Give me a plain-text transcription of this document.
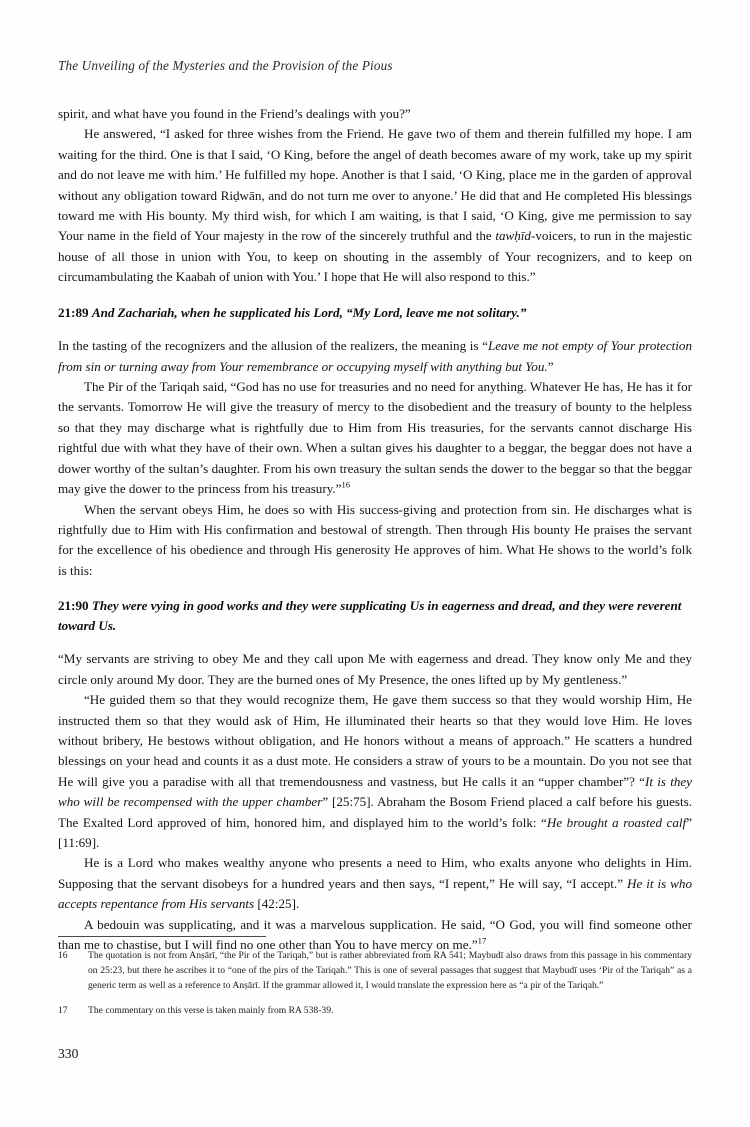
The Unveiling of the Mysteries and the Provision of the Pious

spirit, and what have you found in the Friend’s dealings with you?”

He answered, “I asked for three wishes from the Friend. He gave two of them and therein fulfilled my hope. I am waiting for the third. One is that I said, ‘O King, before the angel of death becomes aware of my work, take up my spirit and do not leave me with him.’ He fulfilled my hope. Another is that I said, ‘O King, place me in the garden of approval without any obligation toward Riḍwān, and do not turn me over to anyone.’ He did that and He completed His blessings toward me with His bounty. My third wish, for which I am waiting, is that I said, ‘O King, give me permission to say Your name in the field of Your majesty in the row of the sincerely truthful and the tawḥīd-voicers, to run in the majestic house of all those in union with You, to keep on shouting in the assembly of Your recognizers, and to keep on circumambulating the Kaabah of union with You.’ I hope that He will also respond to this.”

21:89 And Zachariah, when he supplicated his Lord, “My Lord, leave me not solitary.”

In the tasting of the recognizers and the allusion of the realizers, the meaning is “Leave me not empty of Your protection from sin or turning away from Your remembrance or occupying myself with anything but You.”

The Pir of the Tariqah said, “God has no use for treasuries and no need for anything. Whatever He has, He has it for the servants. Tomorrow He will give the treasury of mercy to the disobedient and the treasury of bounty to the helpless so that they may discharge what is rightfully due to Him from His treasuries, for the servants cannot discharge His rightful due with what they have of their own. When a sultan gives his daughter to a beggar, the beggar does not have a dower worthy of the sultan’s daughter. From his own treasury the sultan sends the dower to the beggar so that the beggar may give the dower to the princess from his treasury.”$^{16}$

When the servant obeys Him, he does so with His success-giving and protection from sin. He discharges what is rightfully due to Him with His confirmation and bestowal of strength. Then through His bounty He praises the servant for the excellence of his obedience and through His generosity He approves of him. What He shows to the world’s folk is this:

21:90 They were vying in good works and they were supplicating Us in eagerness and dread, and they were reverent toward Us.

“My servants are striving to obey Me and they call upon Me with eagerness and dread. They know only Me and they circle only around My door. They are the burned ones of My Presence, the ones lifted up by My gentleness.”

“He guided them so that they would recognize them, He gave them success so that they would worship Him, He instructed them so that they would ask of Him, He illuminated their hearts so that they would love Him. He loves without bribery, He bestows without obligation, and He honors without a means of approach.” He scatters a hundred blessings on your head and counts it as a dust mote. He considers a straw of yours to be a mountain. Do you not see that He will give you a paradise with all that tremendousness and vastness, but He calls it an “upper chamber”? “It is they who will be recompensed with the upper chamber” [25:75]. Abraham the Bosom Friend placed a calf before his guests. The Exalted Lord approved of him, honored him, and displayed him to the world’s folk: “He brought a roasted calf” [11:69].

He is a Lord who makes wealthy anyone who presents a need to Him, who exalts anyone who delights in Him. Supposing that the servant disobeys for a hundred years and then says, “I repent,” He will say, “I accept.” He it is who accepts repentance from His servants [42:25].

A bedouin was supplicating, and it was a marvelous supplication. He said, “O God, you will find someone other than me to chastise, but I will find no one other than You to have mercy on me.”$^{17}$

16	The quotation is not from Anṣārī, “the Pir of the Tariqah,” but is rather abbreviated from RA 541; Maybudī also draws from this passage in his commentary on 25:23, but there he ascribes it to “one of the pirs of the Tariqah.” This is one of several passages that suggest that Maybudī uses ‘Pir of the Tariqah” as a generic term as well as a reference to Anṣārī. If the grammar allowed it, I would translate the expression here as “a pir of the Tariqah.”
17	The commentary on this verse is taken mainly from RA 538-39.
330
